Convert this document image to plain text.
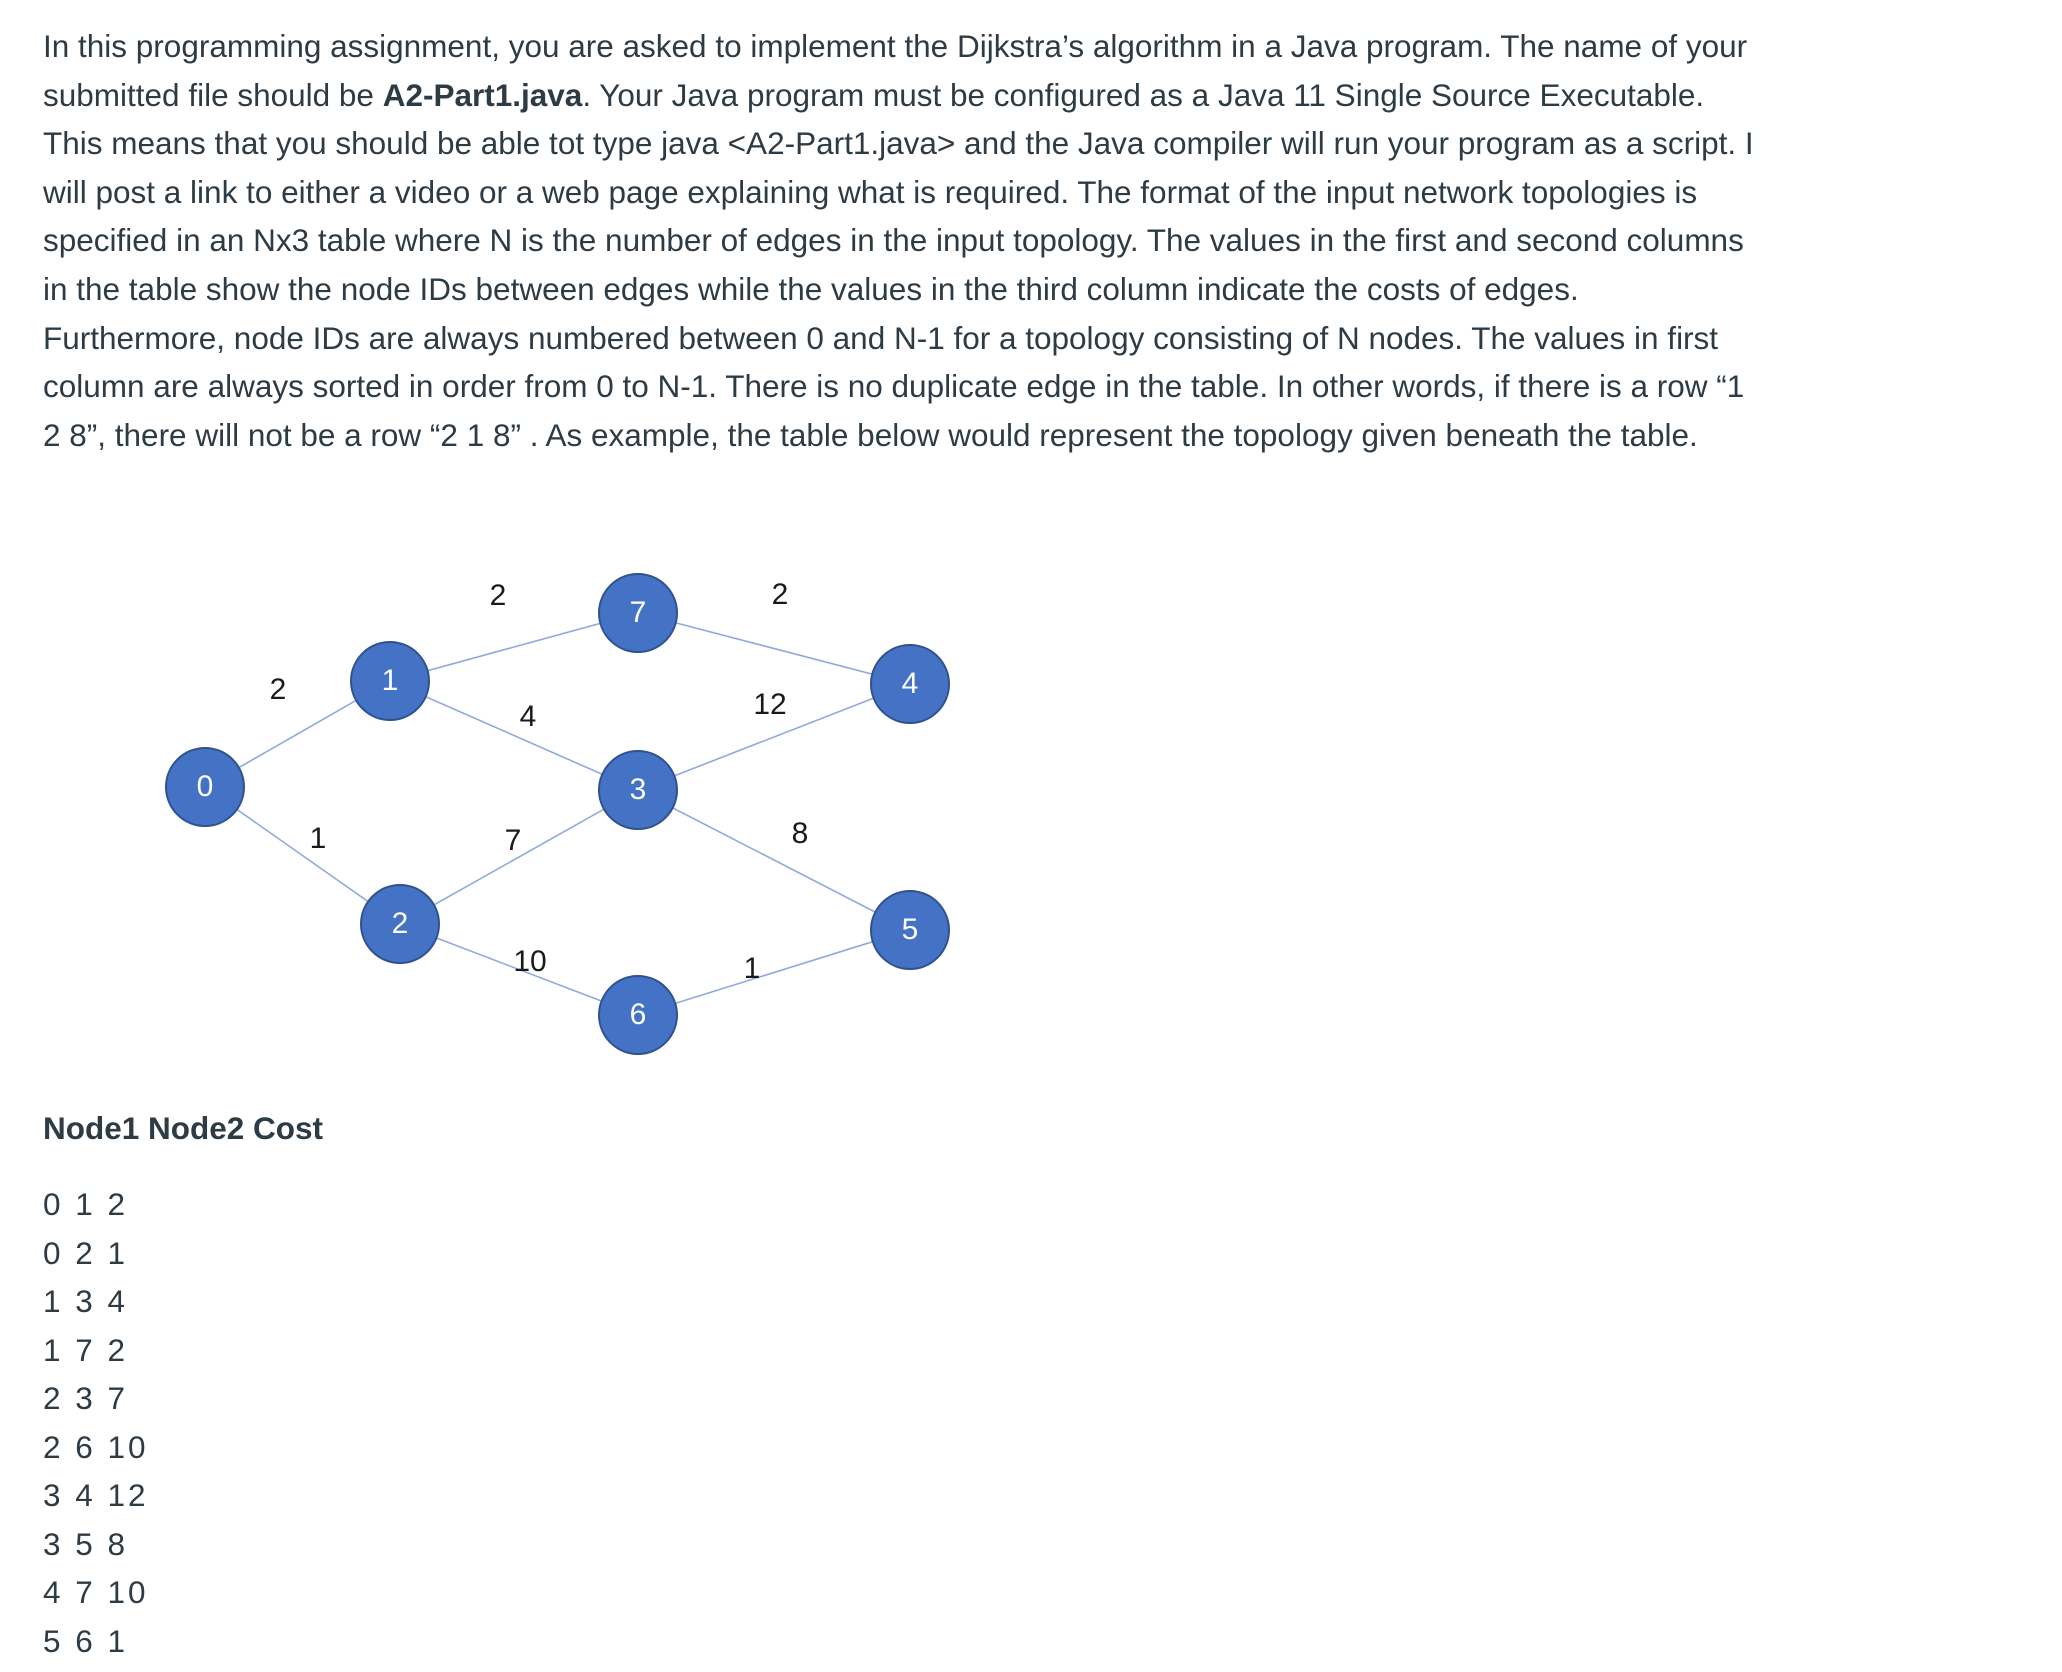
In this programming assignment, you are asked to implement the Dijkstra’s algorithm in a Java program. The name of your submitted file should be A2-Part1.java. Your Java program must be configured as a Java 11 Single Source Executable. This means that you should be able tot type java <A2-Part1.java> and the Java compiler will run your program as a script. I will post a link to either a video or a web page explaining what is required. The format of the input network topologies is specified in an Nx3 table where N is the number of edges in the input topology. The values in the first and second columns in the table show the node IDs between edges while the values in the third column indicate the costs of edges. Furthermore, node IDs are always numbered between 0 and N-1 for a topology consisting of N nodes. The values in first column are always sorted in order from 0 to N-1. There is no duplicate edge in the table. In other words, if there is a row “1 2 8”, there will not be a row “2 1 8” . As example, the table below would represent the topology given beneath the table.

2
1
4
2
7
10
12
8
2
1
0
1
2
3
4
5
6
7

Node1 Node2 Cost

0 1 2
0 2 1
1 3 4
1 7 2
2 3 7
2 6 10
3 4 12
3 5 8
4 7 10
5 6 1
